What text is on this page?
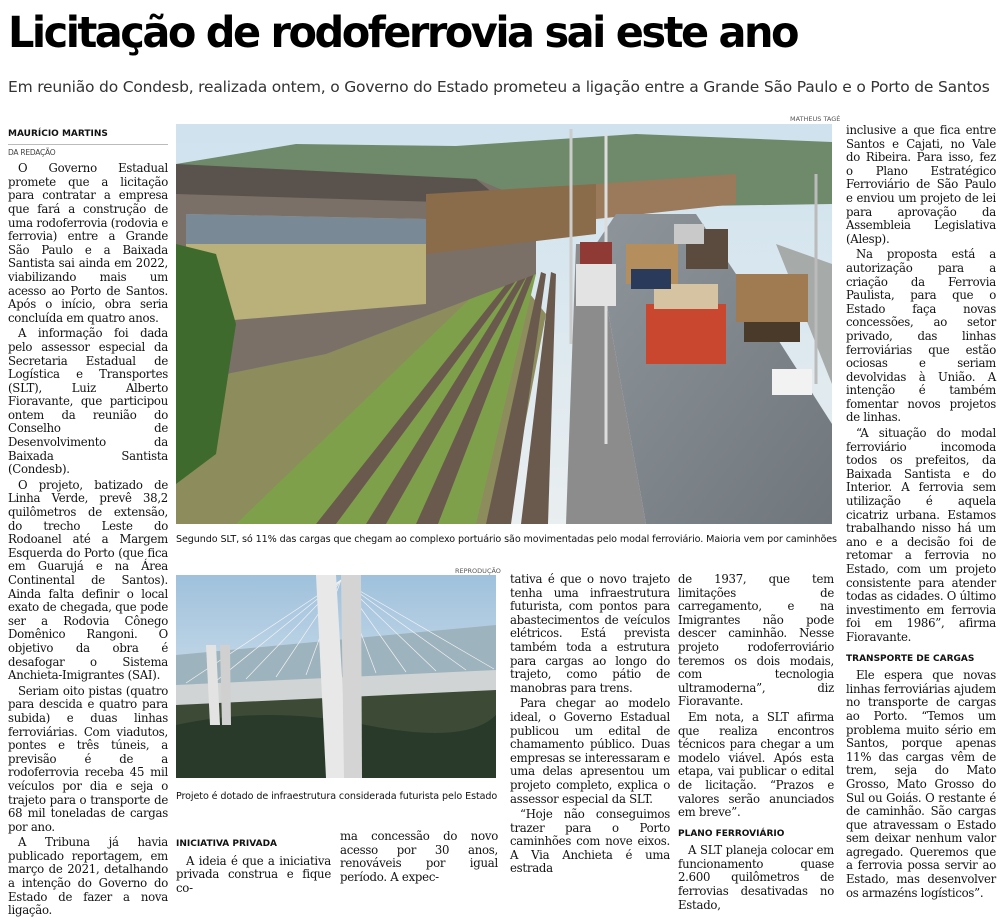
Licitação de rodoferrovia sai este ano
Em reunião do Condesb, realizada ontem, o Governo do Estado prometeu a ligação entre a Grande São Paulo e o Porto de Santos
MAURÍCIO MARTINS
DA REDAÇÃO

O Governo Estadual promete que a licitação para contratar a empresa que fará a construção de uma rodoferrovia (rodovia e ferrovia) entre a Grande São Paulo e a Baixada Santista sai ainda em 2022, viabilizando mais um acesso ao Porto de Santos. Após o início, obra seria concluída em quatro anos.

A informação foi dada pelo assessor especial da Secretaria Estadual de Logística e Transportes (SLT), Luiz Alberto Fioravante, que participou ontem da reunião do Conselho de Desenvolvimento da Baixada Santista (Condesb).

O projeto, batizado de Linha Verde, prevê 38,2 quilômetros de extensão, do trecho Leste do Rodoanel até a Margem Esquerda do Porto (que fica em Guarujá e na Área Continental de Santos). Ainda falta definir o local exato de chegada, que pode ser a Rodovia Cônego Domênico Rangoni. O objetivo da obra é desafogar o Sistema Anchieta-Imigrantes (SAI).

Seriam oito pistas (quatro para descida e quatro para subida) e duas linhas ferroviárias. Com viadutos, pontes e três túneis, a previsão é de a rodoferrovia receba 45 mil veículos por dia e seja o trajeto para o transporte de 68 mil toneladas de cargas por ano.

A Tribuna já havia publicado reportagem, em março de 2021, detalhando a intenção do Governo do Estado de fazer a nova ligação.

MATHEUS TAGÉ
Segundo SLT, só 11% das cargas que chegam ao complexo portuário são movimentadas pelo modal ferroviário. Maioria vem por caminhões
REPRODUÇÃO
Projeto é dotado de infraestrutura considerada futurista pelo Estado
INICIATIVA PRIVADA

A ideia é que a iniciativa privada construa e fique co-

ma concessão do novo acesso por 30 anos, renováveis por igual período. A expec-

tativa é que o novo trajeto tenha uma infraestrutura futurista, com pontos para abastecimentos de veículos elétricos. Está prevista também toda a estrutura para cargas ao longo do trajeto, como pátio de manobras para trens.

Para chegar ao modelo ideal, o Governo Estadual publicou um edital de chamamento público. Duas empresas se interessaram e uma delas apresentou um projeto completo, explica o assessor especial da SLT.

“Hoje não conseguimos trazer para o Porto caminhões com nove eixos. A Via Anchieta é uma estrada

de 1937, que tem limitações de carregamento, e na Imigrantes não pode descer caminhão. Nesse projeto rodoferroviário teremos os dois modais, com tecnologia ultramoderna”, diz Fioravante.

Em nota, a SLT afirma que realiza encontros técnicos para chegar a um modelo viável. Após esta etapa, vai publicar o edital de licitação. “Prazos e valores serão anunciados em breve”.

PLANO FERROVIÁRIO

A SLT planeja colocar em funcionamento quase 2.600 quilômetros de ferrovias desativadas no Estado,

inclusive a que fica entre Santos e Cajati, no Vale do Ribeira. Para isso, fez o Plano Estratégico Ferroviário de São Paulo e enviou um projeto de lei para aprovação da Assembleia Legislativa (Alesp).

Na proposta está a autorização para a criação da Ferrovia Paulista, para que o Estado faça novas concessões, ao setor privado, das linhas ferroviárias que estão ociosas e seriam devolvidas à União. A intenção é também fomentar novos projetos de linhas.

“A situação do modal ferroviário incomoda todos os prefeitos, da Baixada Santista e do Interior. A ferrovia sem utilização é aquela cicatriz urbana. Estamos trabalhando nisso há um ano e a decisão foi de retomar a ferrovia no Estado, com um projeto consistente para atender todas as cidades. O último investimento em ferrovia foi em 1986”, afirma Fioravante.

TRANSPORTE DE CARGAS

Ele espera que novas linhas ferroviárias ajudem no transporte de cargas ao Porto. “Temos um problema muito sério em Santos, porque apenas 11% das cargas vêm de trem, seja do Mato Grosso, Mato Grosso do Sul ou Goiás. O restante é de caminhão. São cargas que atravessam o Estado sem deixar nenhum valor agregado. Queremos que a ferrovia possa servir ao Estado, mas desenvolver os armazéns logísticos”.
